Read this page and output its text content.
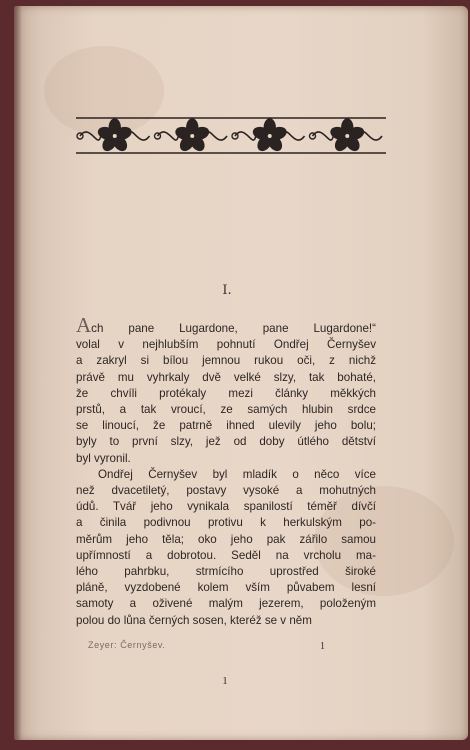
I.

Ach pane Lugardone, pane Lugardone!“

volal v nejhlubším pohnutí Ondřej Černyšev

a zakryl si bílou jemnou rukou oči, z nichž

právě mu vyhrkaly dvě velké slzy, tak bohaté,

že chvíli protékaly mezi články měkkých

prstů, a tak vroucí, ze samých hlubin srdce

se linoucí, že patrně ihned ulevily jeho bolu;

byly to první slzy, jež od doby útlého dětství

byl vyronil.

Ondřej Černyšev byl mladík o něco více

než dvacetiletý, postavy vysoké a mohutných

údů. Tvář jeho vynikala spanilostí téměř dívčí

a činila podivnou protivu k herkulským po-

měrům jeho těla; oko jeho pak zářilo samou

upřímností a dobrotou. Seděl na vrcholu ma-

lého pahrbku, strmícího uprostřed široké

pláně, vyzdobené kolem vším půvabem lesní

samoty a oživené malým jezerem, položeným

polou do lůna černých sosen, kteréž se v něm

Zeyer: Černyšev.	1
1
